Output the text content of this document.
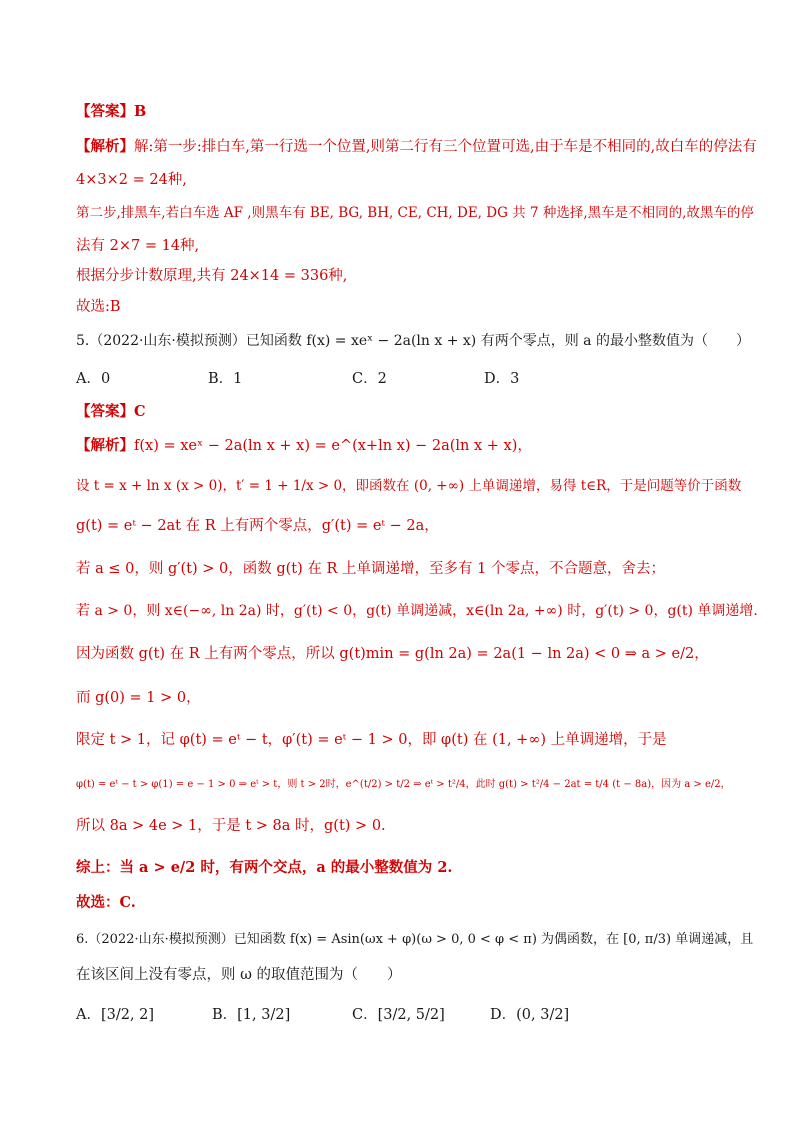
【答案】B
【解析】解:第一步:排白车,第一行选一个位置,则第二行有三个位置可选,由于车是不相同的,故白车的停法有
4×3×2 = 24种,
第二步,排黑车,若白车选 AF ,则黑车有 BE, BG, BH, CE, CH, DE, DG 共 7 种选择,黑车是不相同的,故黑车的停
法有 2×7 = 14种,
根据分步计数原理,共有 24×14 = 336种,
故选:B
5.（2022·山东·模拟预测）已知函数 f(x) = xeˣ − 2a(ln x + x) 有两个零点，则 a 的最小整数值为（　　）
A．0	B．1	C．2	D．3
【答案】C
【解析】f(x) = xeˣ − 2a(ln x + x) = e^(x+ln x) − 2a(ln x + x)，
设 t = x + ln x (x > 0)，t′ = 1 + 1/x > 0，即函数在 (0, +∞) 上单调递增，易得 t∈R，于是问题等价于函数
g(t) = eᵗ − 2at 在 R 上有两个零点，g′(t) = eᵗ − 2a，
若 a ≤ 0，则 g′(t) > 0，函数 g(t) 在 R 上单调递增，至多有 1 个零点，不合题意，舍去；
若 a > 0，则 x∈(−∞, ln 2a) 时，g′(t) < 0，g(t) 单调递减，x∈(ln 2a, +∞) 时，g′(t) > 0，g(t) 单调递增.
因为函数 g(t) 在 R 上有两个零点，所以 g(t)min = g(ln 2a) = 2a(1 − ln 2a) < 0 ⇒ a > e/2，
而 g(0) = 1 > 0，
限定 t > 1，记 φ(t) = eᵗ − t，φ′(t) = eᵗ − 1 > 0，即 φ(t) 在 (1, +∞) 上单调递增，于是
φ(t) = eᵗ − t > φ(1) = e − 1 > 0 ⇒ eᵗ > t，则 t > 2时，e^(t/2) > t/2 ⇒ eᵗ > t²/4，此时 g(t) > t²/4 − 2at = t/4 (t − 8a)，因为 a > e/2，
所以 8a > 4e > 1，于是 t > 8a 时，g(t) > 0.
综上：当 a > e/2 时，有两个交点，a 的最小整数值为 2.
故选：C.
6.（2022·山东·模拟预测）已知函数 f(x) = Asin(ωx + φ)(ω > 0, 0 < φ < π) 为偶函数，在 [0, π/3) 单调递减，且
在该区间上没有零点，则 ω 的取值范围为（　　）
A．[3/2, 2]	B．[1, 3/2]	C．[3/2, 5/2]	D．(0, 3/2]
